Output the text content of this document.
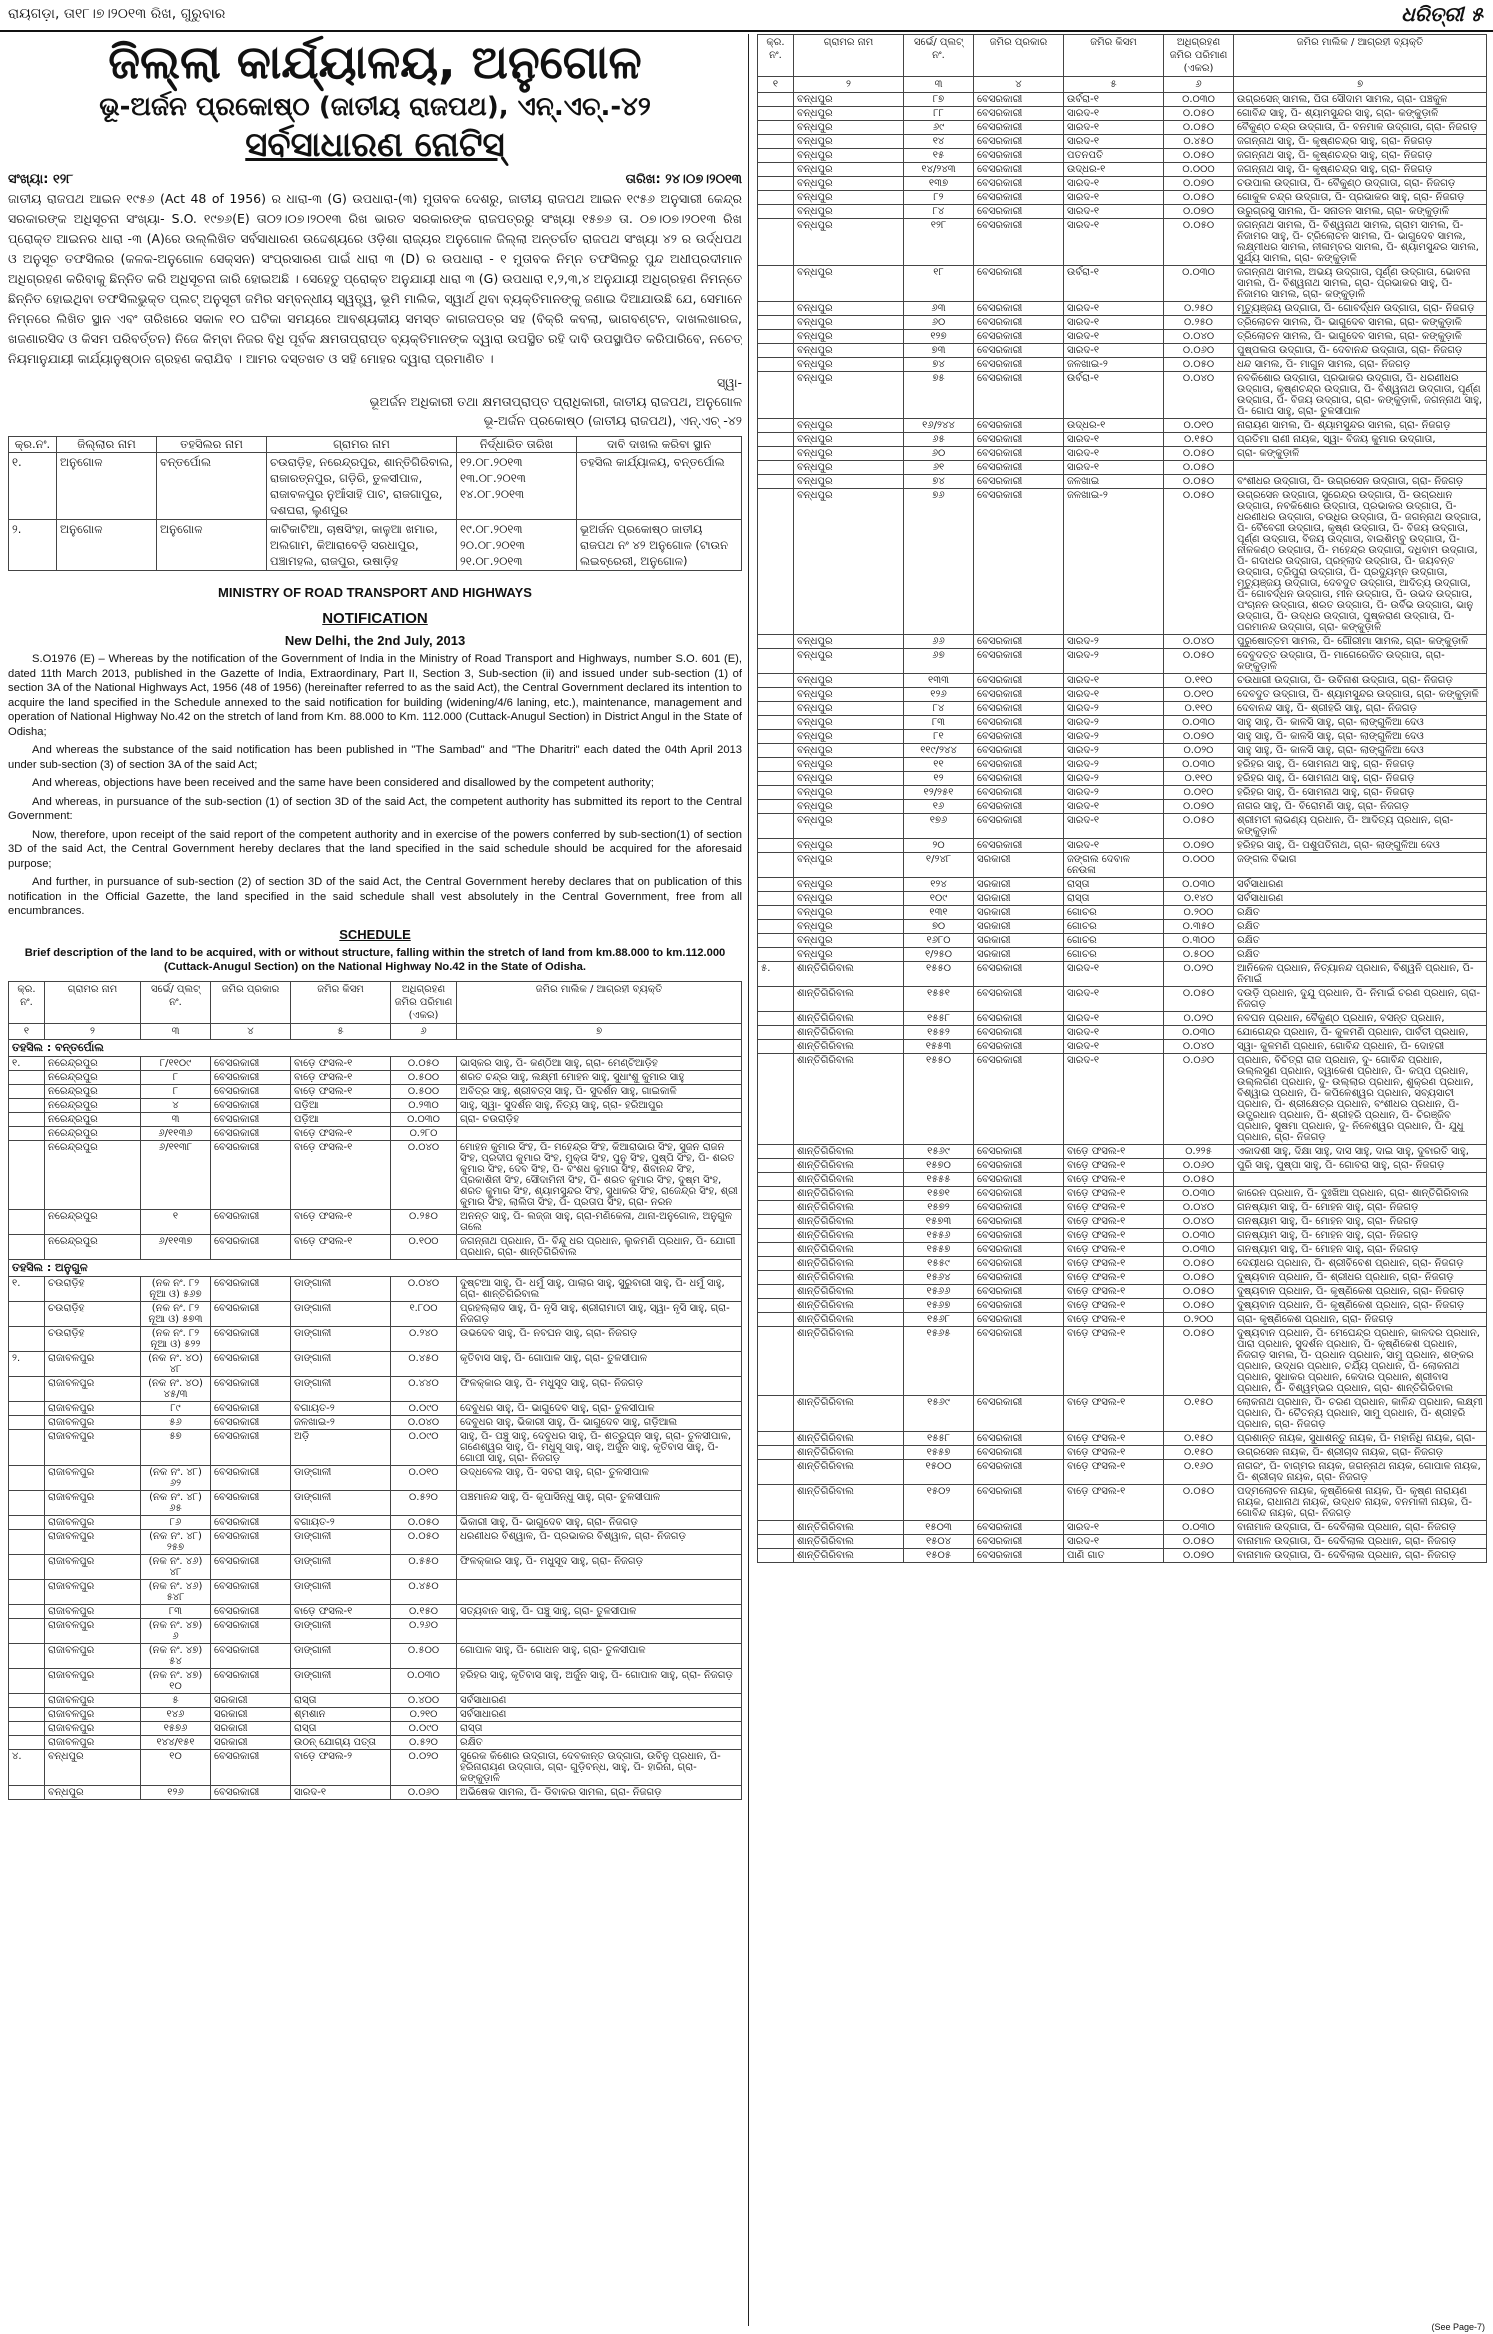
ରାୟଗଡ଼ା, ତା୧୮।୭।୨୦୧୩ ରିଖ, ଗୁରୁବାର	ଧରିତ୍ରୀ ୫
ଜିଲ୍ଲା କାର୍ଯ୍ୟାଳୟ, ଅନୁଗୋଳ
ଭୂ-ଅର୍ଜନ ପ୍ରକୋଷ୍ଠ (ଜାତୀୟ ରାଜପଥ), ଏନ୍.ଏଚ୍.-୪୨
ସର୍ବସାଧାରଣ ନୋଟିସ୍
ସଂଖ୍ୟା: ୧୨୮	ତାରିଖ: ୨୪।୦୭।୨୦୧୩
ଜାତୀୟ ରାଜପଥ ଆଇନ ୧୯୫୬ (Act 48 of 1956) ର ଧାରା-୩ (G) ଉପଧାରା-(୩) ମୁତାବକ ଦେଶରୁ, ଜାତୀୟ ରାଜପଥ ଆଇନ ୧୯୫୬ ଅନୁସାରୀ କେନ୍ଦ୍ର ସରକାରଙ୍କ ଅଧିସୂଚନା ସଂଖ୍ୟା- S.O. ୧୯୭୬(E) ତା୦୨।୦୭।୨୦୧୩ ରିଖ ଭାରତ ସରକାରଙ୍କ ରାଜପତ୍ରରୁ ସଂଖ୍ୟା ୧୫୭୬ ତା. ୦୭।୦୭।୨୦୧୩ ରିଖ ପ୍ରୋକ୍ତ ଆଇନର ଧାରା -୩ (A)ରେ ଉଲ୍ଲିଖିତ ସର୍ବସାଧାରଣ ଉଦ୍ଦେଶ୍ୟରେ ଓଡ଼ିଶା ରାଜ୍ୟର ଅନୁଗୋଳ ଜିଲ୍ଲା ଅନ୍ତର୍ଗତ ରାଜପଥ ସଂଖ୍ୟା ୪୨ ର ଉର୍ଦ୍ଧପଥ ଓ ଅନୁସୂଚ ତଫସିଲର (କଳକ-ଅନୁଗୋଳ ସେକ୍ସନ) ସଂପ୍ରସାରଣ ପାଇଁ ଧାରା ୩ (D) ର ଉପଧାରା - ୧ ମୁତାବକ ନିମ୍ନ ତଫସିଲରୁ ପୁନ୍ଦ ଅଧୀପ୍ରଦୀମାନ ଅଧିଗ୍ରହଣ କରିବାକୁ ଛିନ୍ନିତ କରି ଅଧିସୂଚନା ଜାରି ହୋଇଅଛି । ସେହେତୁ ପ୍ରୋକ୍ତ ଅନୁଯାୟୀ ଧାରା ୩ (G) ଉପଧାରା ୧,୨,୩,୪ ଅନୁଯାୟୀ ଅଧିଗ୍ରହଣ ନିମନ୍ତେ ଛିନ୍ନିତ ହୋଇଥିବା ତଫସିଲଭୁକ୍ତ ପ୍ଲଟ୍ ଅନୁସୂଚୀ ଜମିର ସମ୍ବନ୍ଧୀୟ ସ୍ୱତ୍ତ୍ୱ, ଭୂମି ମାଲିକ, ସ୍ୱାର୍ଥ ଥିବା ବ୍ୟକ୍ତିମାନଙ୍କୁ ଜଣାଇ ଦିଆଯାଉଛି ଯେ, ସେମାନେ ନିମ୍ନରେ ଲିଖିତ ସ୍ଥାନ ଏବଂ ତାରିଖରେ ସକାଳ ୧୦ ଘଟିକା ସମୟରେ ଆବଶ୍ୟକୀୟ ସମସ୍ତ କାଗଜପତ୍ର ସହ (ବିକ୍ରି କବଲା, ଭାଗବଣ୍ଟନ, ଦାଖଲଖାରଜ, ଖଜଣାରସିଦ ଓ କିସମ ପରିବର୍ତ୍ତନ) ନିଜେ କିମ୍ବା ନିଜର ବିଧି ପୂର୍ବକ କ୍ଷମତାପ୍ରାପ୍ତ ବ୍ୟକ୍ତିମାନଙ୍କ ଦ୍ୱାରା ଉପସ୍ଥିତ ରହି ଦାବି ଉପସ୍ଥାପିତ କରିପାରିବେ, ନଚେତ୍ ନିୟମାନୁଯାୟୀ କାର୍ଯ୍ୟାନୁଷ୍ଠାନ ଗ୍ରହଣ କରାଯିବ । ଆମର ଦସ୍ତଖତ ଓ ସହି ମୋହର ଦ୍ୱାରା ପ୍ରମାଣିତ ।
ସ୍ୱା-
ଭୂଅର୍ଜନ ଅଧିକାରୀ ତଥା କ୍ଷମତାପ୍ରାପ୍ତ ପ୍ରାଧିକାରୀ, ଜାତୀୟ ରାଜପଥ, ଅନୁଗୋଳ
ଭୂ-ଅର୍ଜନ ପ୍ରକୋଷ୍ଠ (ଜାତୀୟ ରାଜପଥ), ଏନ୍.ଏଚ୍ -୪୨
କ୍ର.ନଂ.	ଜିଲ୍ଲାର ନାମ	ତହସିଲର ନାମ	ଗ୍ରାମର ନାମ	ନିର୍ଦ୍ଧାରିତ ତାରିଖ	ଦାବି ଦାଖଲ କରିବା ସ୍ଥାନ
୧.	ଅନୁଗୋଳ	ବନ୍ତର୍ପୋଲ	ଚଉରାଡ଼ିହ, ନରେନ୍ଦ୍ରପୁର, ଶାନ୍ତିଗିରିବାଲ, ରାଜାରତ୍ନପୁର, ଗଡ଼ିରି, ତୁଳସୀପାଳ, ରାଜାବଳପୁର ନୁଆଁସାହି ପାଟ, ରାଜଗାପୁର, ଦଶଘରା, ଲୁଣପୁର	୧୨.୦୮.୨୦୧୩
୧୩.୦୮.୨୦୧୩
୧୪.୦୮.୨୦୧୩	ତହସିଲ କାର୍ଯ୍ୟାଳୟ, ବନ୍ତର୍ପୋଲ
୨.	ଅନୁଗୋଳ	ଅନୁଗୋଳ	କାଟିକାଟିଆ, ଚାଷସିଂହା, କାଳୁଆ ଖମାର, ଅଲଗାମ, କିଆରାବେଡ଼ି ସରଧାପୁର, ପଞ୍ଚାମହଲ, ରାଜପୁର, ଉଷାଡ଼ିହ	୧୯.୦୮.୨୦୧୩
୨୦.୦୮.୨୦୧୩
୨୧.୦୮.୨୦୧୩	ଭୂଅର୍ଜନ ପ୍ରକୋଷ୍ଠ ଜାତୀୟ ରାଜପଥ ନଂ ୪୨ ଅନୁଗୋଳ (ଟାଉନ ଲଇବ୍ରେରୀ, ଅନୁଗୋଳ)
MINISTRY OF ROAD TRANSPORT AND HIGHWAYS
NOTIFICATION
New Delhi, the 2nd July, 2013

S.O1976 (E) – Whereas by the notification of the Government of India in the Ministry of Road Transport and Highways, number S.O. 601 (E), dated 11th March 2013, published in the Gazette of India, Extraordinary, Part II, Section 3, Sub-section (ii) and issued under sub-section (1) of section 3A of the National Highways Act, 1956 (48 of 1956) (hereinafter referred to as the said Act), the Central Government declared its intention to acquire the land specified in the Schedule annexed to the said notification for building (widening/4/6 laning, etc.), maintenance, management and operation of National Highway No.42 on the stretch of land from Km. 88.000 to Km. 112.000 (Cuttack-Anugul Section) in District Angul in the State of Odisha;

And whereas the substance of the said notification has been published in "The Sambad" and "The Dharitri" each dated the 04th April 2013 under sub-section (3) of section 3A of the said Act;

And whereas, objections have been received and the same have been considered and disallowed by the competent authority;

And whereas, in pursuance of the sub-section (1) of section 3D of the said Act, the competent authority has submitted its report to the Central Government:

Now, therefore, upon receipt of the said report of the competent authority and in exercise of the powers conferred by sub-section(1) of section 3D of the said Act, the Central Government hereby declares that the land specified in the said schedule should be acquired for the aforesaid purpose;

And further, in pursuance of sub-section (2) of section 3D of the said Act, the Central Government hereby declares that on publication of this notification in the Official Gazette, the land specified in the said schedule shall vest absolutely in the Central Government, free from all encumbrances.

SCHEDULE
Brief description of the land to be acquired, with or without structure, falling within the stretch of land from km.88.000 to km.112.000 (Cuttack-Anugul Section) on the National Highway No.42 in the State of Odisha.
କ୍ର. ନଂ.	ଗ୍ରାମର ନାମ	ସର୍ଭେ/ ପ୍ଲଟ୍ ନଂ.	ଜମିର ପ୍ରକାର	ଜମିର କିସମ	ଅଧିଗ୍ରହଣ ଜମିର ପରିମାଣ (ଏକର)	ଜମିର ମାଲିକ / ଆଗ୍ରହୀ ବ୍ୟକ୍ତି
୧	୨	୩	୪	୫	୬	୭
ତହସିଲ : ବନ୍ତର୍ପୋଲ						
୧.	ନରେନ୍ଦ୍ରପୁର	୮/୧୧୦୯	ବେସରକାରୀ	ବାଡ଼େ ଫସଲ-୧	୦.୦୫୦	ଭାସ୍କର ସାହୁ, ପି- କଣ୍ଠିଆ ସାହୁ, ଗ୍ରା- ମେଣ୍ଟିଆଡ଼ିହ
	ନରେନ୍ଦ୍ରପୁର	୮	ବେସରକାରୀ	ବାଡ଼େ ଫସଲ-୧	୦.୫୦୦	ଶରତ ଚନ୍ଦ୍ର ସାହୁ, ଲକ୍ଷ୍ମୀ ମୋହନ ସାହୁ, ସୁଧାଂଶୁ କୁମାର ସାହୁ
	ନରେନ୍ଦ୍ରପୁର	୮	ବେସରକାରୀ	ବାଡ଼େ ଫସଲ-୧	୦.୫୦୦	ଅବିତ୍ର ସାହୁ, ଶ୍ରୀବତ୍ସ ସାହୁ, ପି- ସୁଦର୍ଶନ ସାହୁ, ଗାଇକାଳି
	ନରେନ୍ଦ୍ରପୁର	୪	ବେସରକାରୀ	ପଡ଼ିଆ	୦.୨୩୦	ସାହୁ, ସ୍ୱା- ସୁଦର୍ଶନ ସାହୁ, ନିତ୍ୟ ସାହୁ, ଗ୍ରା- ହରିଆପୁର
	ନରେନ୍ଦ୍ରପୁର	୩	ବେସରକାରୀ	ପଡ଼ିଆ	୦.୦୩୦	ଗ୍ରା- ଚଉରାଡ଼ିହ
	ନରେନ୍ଦ୍ରପୁର	୬/୧୧୩୬	ବେସରକାରୀ	ବାଡ଼େ ଫସଲ-୧	୦.୨୮୦	
	ନରେନ୍ଦ୍ରପୁର	୬/୧୧୩୮	ବେସରକାରୀ	ବାଡ଼େ ଫସଲ-୧	୦.୦୪୦	ମୋହନ କୁମାର ସିଂହ, ପି- ମହେନ୍ଦ୍ର ସିଂହ, କିଆରାଭାର ସିଂହ, ସୁଜନ ରାଜନ ସିଂହ, ପ୍ରଦୀପ କୁମାର ସିଂହ, ମୁକ୍ତା ସିଂହ, ପୁନୁ ସିଂହ, ପୁଷ୍ପି ସିଂହ, ପି- ଶରତ କୁମାର ସିଂହ, ଦେବ ସିଂହ, ପି- ବଂଶଧ କୁମାର ସିଂହ, ଶିବାନନ୍ଦ ସିଂହ, ପ୍ରକାଶିନୀ ସିଂହ, ସୌଦାମିନୀ ସିଂହ, ପି- ଶରତ କୁମାର ସିଂହ, ଦୁଷ୍ମ ସିଂହ, ଶରତ କୁମାର ସିଂହ, ଶ୍ୟାମସୁନ୍ଦର ସିଂହ, ସୁଧାକର ସିଂହ, ରାଜେନ୍ଦ୍ର ସିଂହ, ଶ୍ରୀ କୁମାର ସିଂହ, ଲାଲିତା ସିଂହ, ପି- ପ୍ରତାପ ସିଂହ, ଗ୍ରା- ନରନ
	ନରେନ୍ଦ୍ରପୁର	୧	ବେସରକାରୀ	ବାଡ଼େ ଫସଲ-୧	୦.୨୫୦	ଅନନ୍ତ ସାହୁ, ପି- ଲଜ୍ଜା ସାହୁ, ଗ୍ରା-ମଣିକେଳା, ଥାନା-ଅନୁଗୋଳ, ଅନୁଗୁଳ ତାଲେ
	ନରେନ୍ଦ୍ରପୁର	୬/୧୧୩୭	ବେସରକାରୀ	ବାଡ଼େ ଫସଲ-୧	୦.୧୦୦	ଜଗନ୍ନାଥ ପ୍ରଧାନ, ପି- ବିନ୍ଦୁ ଧର ପ୍ରଧାନ, ଲୁକମଣି ପ୍ରଧାନ, ପି- ଯୋଗୀ ପ୍ରଧାନ, ଗ୍ରା- ଶାନ୍ତିଗିରିବାଲ
ତହସିଲ : ଅନୁଗୁଳ						
୧.	ଚଉରାଡ଼ିହ	(ନକ ନଂ. ୮୨ ନୂଆ ଓ) ୫୬୭	ବେସରକାରୀ	ଡାଙ୍ଗାଳୀ	୦.୦୪୦	ଦୁଷ୍ଟଆ ସାହୁ, ପି- ଧର୍ମୁ ସାହୁ, ପାଲାର ସାହୁ, ସୁରୁବାରୀ ସାହୁ, ପି- ଧର୍ମୁ ସାହୁ, ଗ୍ରା- ଶାନ୍ତିଗିରିବାଲ
	ଚଉରାଡ଼ିହ	(ନକ ନଂ. ୮୨ ନୂଆ ଓ) ୫୭୩	ବେସରକାରୀ	ଡାଙ୍ଗାଳୀ	୧.୮୦୦	ପ୍ରହଲ୍ଲାଦ ସାହୁ, ପି- ନୃସି ସାହୁ, ଶ୍ରୀରାମାତୀ ସାହୁ, ସ୍ୱା- ନୃସି ସାହୁ, ଗ୍ରା- ନିଜଗଡ଼
	ଚଉରାଡ଼ିହ	(ନକ ନଂ. ୮୨ ନୂଆ ଓ) ୫୨୨	ବେସରକାରୀ	ଡାଙ୍ଗାଳୀ	୦.୨୪୦	ଉଭଦେବ ସାହୁ, ପି- ନବଘନ ସାହୁ, ଗ୍ରା- ନିଜଗଡ଼
୨.	ରାଜାବଳପୁର	(ନକ ନଂ. ୪୦) ୪୮	ବେସରକାରୀ	ଡାଙ୍ଗାଳୀ	୦.୪୫୦	କୃତିବାସ ସାହୁ, ପି- ଗୋପାଳ ସାହୁ, ଗ୍ରା- ତୁଳସୀପାଳ
	ରାଜାବଳପୁର	(ନକ ନଂ. ୪୦) ୪୫/୩	ବେସରକାରୀ	ଡାଙ୍ଗାଳୀ	୦.୪୪୦	ଫିଳକ୍କାର ସାହୁ, ପି- ମଧୁସୂଦ ସାହୁ, ଗ୍ରା- ନିଜଗଡ଼
	ରାଜାବଳପୁର	୮୯	ବେସରକାରୀ	ବଗାୟତ-୨	୦.୦୯୦	ଦେବୁଧର ସାହୁ, ପି- ଭାଗୁଦେବ ସାହୁ, ଗ୍ରା- ତୁଳସୀପାଳ
	ରାଜାବଳପୁର	୫୬	ବେସରକାରୀ	ଜଳଖାଇ-୨	୦.୦୪୦	ଦେବୁଧର ସାହୁ, ଭିକାରୀ ସାହୁ, ପି- ଭାଗୁଦେବ ସାହୁ, ଗଡ଼ିଆଲ
	ରାଜାବଳପୁର	୫୭	ବେସରକାରୀ	ଅଡ଼ି	୦.୦୯୦	ସାହୁ, ପି- ପଞ୍ଚୁ ସାହୁ, ଦେବୁଧର ସାହୁ, ପି- ଶତ୍ରୁଘ୍ନ ସାହୁ, ଗ୍ରା- ତୁଳସୀପାଳ, ଗଣେଶ୍ୱର ସାହୁ, ପି- ମଧୁସୂ ସାହୁ, ସାହୁ, ଅର୍ଜୁନ ସାହୁ, କୃତିବାସ ସାହୁ, ପି- ଗୋପୀ ସାହୁ, ଗ୍ରା- ନିଜଗଡ଼
	ରାଜାବଳପୁର	(ନକ ନଂ. ୪୮) ୬୨	ବେସରକାରୀ	ଡାଙ୍ଗାଳୀ	୦.୦୧୦	ଉଦ୍ଧବେଲ ସାହୁ, ପି- ସବରା ସାହୁ, ଗ୍ରା- ତୁଳସୀପାଳ
	ରାଜାବଳପୁର	(ନକ ନଂ. ୪୮) ୬୫	ବେସରକାରୀ	ଡାଙ୍ଗାଳୀ	୦.୫୨୦	ପଞ୍ଚମାନନ୍ଦ ସାହୁ, ପି- କୃପାସିନ୍ଧୁ ସାହୁ, ଗ୍ରା- ତୁଳସୀପାଳ
	ରାଜାବଳପୁର	୮୬	ବେସରକାରୀ	ବଗାୟତ-୨	୦.୦୫୦	ଭିକାରୀ ସାହୁ, ପି- ଭାଗୁଦେବ ସାହୁ, ଗ୍ରା- ନିଜଗଡ଼
	ରାଜାବଳପୁର	(ନକ ନଂ. ୪୮) ୨୫୭	ବେସରକାରୀ	ଡାଙ୍ଗାଳୀ	୦.୦୫୦	ଧରଣୀଧର ବିଶ୍ୱାଳ, ପି- ପ୍ରଭାକର ବିଶ୍ୱାଳ, ଗ୍ରା- ନିଜଗଡ଼
	ରାଜାବଳପୁର	(ନକ ନଂ. ୪୬) ୪୮	ବେସରକାରୀ	ଡାଙ୍ଗାଳୀ	୦.୫୫୦	ଫିଳକ୍କାର ସାହୁ, ପି- ମଧୁସୂଦ ସାହୁ, ଗ୍ରା- ନିଜଗଡ଼
	ରାଜାବଳପୁର	(ନକ ନଂ. ୪୬) ୫୪୮	ବେସରକାରୀ	ଡାଙ୍ଗାଳୀ	୦.୪୫୦	
	ରାଜାବଳପୁର	୮୩	ବେସରକାରୀ	ବାଡ଼େ ଫସଲ-୧	୦.୧୫୦	ସତ୍ୟବାନ ସାହୁ, ପି- ପଞ୍ଚୁ ସାହୁ, ଗ୍ରା- ତୁଳସୀପାଳ
	ରାଜାବଳପୁର	(ନକ ନଂ. ୪୭) ୬	ବେସରକାରୀ	ଡାଙ୍ଗାଳୀ	୦.୨୬୦	
	ରାଜାବଳପୁର	(ନକ ନଂ. ୪୭) ୫୪	ବେସରକାରୀ	ଡାଙ୍ଗାଳୀ	୦.୫୦୦	ଗୋପାଳ ସାହୁ, ପି- ଗୋଧନ ସାହୁ, ଗ୍ରା- ତୁଳସୀପାଳ
	ରାଜାବଳପୁର	(ନକ ନଂ. ୪୭) ୧୦	ବେସରକାରୀ	ଡାଙ୍ଗାଳୀ	୦.୦୩୦	ହରିହର ସାହୁ, କୃତିବାସ ସାହୁ, ଅର୍ଜୁନ ସାହୁ, ପି- ଗୋପାଳ ସାହୁ, ଗ୍ରା- ନିଜଗଡ଼
	ରାଜାବଳପୁର	୫	ସରକାରୀ	ରାସ୍ତା	୦.୪୦୦	ସର୍ବସାଧାରଣ
	ରାଜାବଳପୁର	୧୪୬	ସରକାରୀ	ଶ୍ମଶାନ	୦.୨୧୦	ସର୍ବସାଧାରଣ
	ରାଜାବଳପୁର	୧୫୭୬	ସରକାରୀ	ରାସ୍ତା	୦.୦୯୦	ରାସ୍ତା
	ରାଜାବଳପୁର	୧୪୪/୧୫୧	ସରକାରୀ	ଉଠନ୍ ଯୋଗ୍ୟ ପତ୍ତା	୦.୫୨୦	ରକ୍ଷିତ
୪.	ବନ୍ଧପୁର	୧୦	ବେସରକାରୀ	ବାଡ଼େ ଫସଲ-୨	୦.୦୨୦	ସୁରେକ କିଶୋର ଉଦ୍ଗାତା, ଦେବକାନ୍ତ ଉଦ୍ଗାତା, ଉବିନୁ ପ୍ରଧାନ, ପି- ହରିନାରାୟଣ ଉଦ୍ଗାତା, ଗ୍ରା- ଗୁଡ଼ିବନ୍ଧ, ସାହୁ, ପି- ହାରିନା, ଗ୍ରା- କଙ୍କୁଡ଼ାଳି
	ବନ୍ଧପୁର	୧୨୬	ବେସରକାରୀ	ସାରଦ-୧	୦.୦୬୦	ଅଭିଷେକ ସାମଲ, ପି- ଡିବାକର ସାମଲ, ଗ୍ରା- ନିଜଗଡ଼
କ୍ର. ନଂ.	ଗ୍ରାମର ନାମ	ସର୍ଭେ/ ପ୍ଲଟ୍ ନଂ.	ଜମିର ପ୍ରକାର	ଜମିର କିସମ	ଅଧିଗ୍ରହଣ ଜମିର ପରିମାଣ (ଏକର)	ଜମିର ମାଲିକ / ଆଗ୍ରହୀ ବ୍ୟକ୍ତି
୧	୨	୩	୪	୫	୬	୭
	ବନ୍ଧପୁର	୮୭	ବେସରକାରୀ	ଉର୍ବରା-୧	୦.୦୩୦	ଉଗ୍ରସେନ୍ ସାମଲ, ପିତା ସୌଦାମ ସାମଲ, ଗ୍ରା- ପଞ୍ଚକୁଳ
	ବନ୍ଧପୁର	୮୮	ବେସରକାରୀ	ସାରଦ-୧	୦.୦୫୦	ଗୋବିନ୍ଦ ସାହୁ, ପି- ଶ୍ୟାମସୁନ୍ଦର ସାହୁ, ଗ୍ରା- କଙ୍କୁଡ଼ାଳି
	ବନ୍ଧପୁର	୬୯	ବେସରକାରୀ	ସାରଦ-୧	୦.୦୫୦	ବୈକୁଣ୍ଠ ଚନ୍ଦ୍ର ଉଦ୍ଗାତା, ପି- ବନମାଳ ଉଦ୍ଗାତା, ଗ୍ରା- ନିଜଗଡ଼
	ବନ୍ଧପୁର	୧୪	ବେସରକାରୀ	ସାରଦ-୧	୦.୪୫୦	ଜଗନ୍ନାଥ ସାହୁ, ପି- କୃଷ୍ଣଚନ୍ଦ୍ର ସାହୁ, ଗ୍ରା- ନିଜଗଡ଼
	ବନ୍ଧପୁର	୧୫	ବେସରକାରୀ	ପତନପତି	୦.୦୫୦	ଜଗନ୍ନାଥ ସାହୁ, ପି- କୃଷ୍ଣଚନ୍ଦ୍ର ସାହୁ, ଗ୍ରା- ନିଜଗଡ଼
	ବନ୍ଧପୁର	୧୪/୨୪୩	ବେସରକାରୀ	ଉଦ୍ଧର-୧	୦.୦୦୦	ଜଗନ୍ନାଥ ସାହୁ, ପି- କୃଷ୍ଣଚନ୍ଦ୍ର ସାହୁ, ଗ୍ରା- ନିଜଗଡ଼
	ବନ୍ଧପୁର	୧୩୭	ବେସରକାରୀ	ସାରଦ-୧	୦.୦୭୦	ଚଉପାଲ ଉଦ୍ଗାତା, ପି- ବୈକୁଣ୍ଠ ଉଦ୍ଗାତା, ଗ୍ରା- ନିଜଗଡ଼
	ବନ୍ଧପୁର	୮୨	ବେସରକାରୀ	ସାରଦ-୧	୦.୦୫୦	ଗୋକୁଳ ଚନ୍ଦ୍ର ଉଦ୍ଗାତା, ପି- ପ୍ରଭାକର ସାହୁ, ଗ୍ରା- ନିଜଗଡ଼
	ବନ୍ଧପୁର	୮୪	ବେସରକାରୀ	ସାରଦ-୧	୦.୦୭୦	ଉରୁଗ୍ରସୁ ସାମଲ, ପି- ସନାତନ ସାମଲ, ଗ୍ରା- କଙ୍କୁଡ଼ାଳି
	ବନ୍ଧପୁର	୧୨୮	ବେସରକାରୀ	ସାରଦ-୧	୦.୦୫୦	ଜଗନ୍ନାଥ ସାମଲ, ପି- ବିଶ୍ୱନାଥ ସାମଲ, ଗ୍ରାମ ସାମଲ, ପି- ନିଜାମର ସାହୁ, ପି- ଟ୍ରିଲୋଚନ ସାମଲ, ପି- ଭାଗୁଦେବ ସାମଲ, ଲକ୍ଷ୍ମୀଧର ସାମଲ, ନୀଳାମ୍ବର ସାମଲ, ପି- ଶ୍ୟାମସୁନ୍ଦର ସାମଲ, ସୁର୍ଯ୍ୟ ସାମଲ, ଗ୍ରା- କଙ୍କୁଡ଼ାଳି
	ବନ୍ଧପୁର	୧୮	ବେସରକାରୀ	ଉର୍ବରା-୧	୦.୦୩୦	ଜଗନ୍ନାଥ ସାମଲ, ଅଭୟ ଉଦ୍ଗାତା, ପୂର୍ଣ୍ଣ ଉଦ୍ଗାତା, ଭୋବନା ସାମଲ, ପି- ବିଶ୍ୱନାଥ ସାମଲ, ଗ୍ରା- ପ୍ରଭାକର ସାହୁ, ପି- ନିଜାମର ସାମଲ, ଗ୍ରା- କଙ୍କୁଡ଼ାଳି
	ବନ୍ଧପୁର	୬୩	ବେସରକାରୀ	ସାରଦ-୧	୦.୨୫୦	ମୃତ୍ୟୁଞ୍ଜୟ ଉଦ୍ଗାତା, ପି- ଗୋବର୍ଦ୍ଧନ ଉଦ୍ଗାତା, ଗ୍ରା- ନିଜଗଡ଼
	ବନ୍ଧପୁର	୬୦	ବେସରକାରୀ	ସାରଦ-୧	୦.୨୫୦	ତ୍ରିଲୋଚନ ସାମଲ, ପି- ଭାଗୁଦେବ ସାମଲ, ଗ୍ରା- କଙ୍କୁଡ଼ାଳି
	ବନ୍ଧପୁର	୧୨୭	ବେସରକାରୀ	ସାରଦ-୧	୦.୦୪୦	ତ୍ରିଲୋଚନ ସାମଲ, ପି- ଭାଗୁଦେବ ସାମଲ, ଗ୍ରା- କଙ୍କୁଡ଼ାଳି
	ବନ୍ଧପୁର	୭୩	ବେସରକାରୀ	ସାରଦ-୧	୦.୦୬୦	ପୁଷ୍ପଲତା ଉଦ୍ଗାତା, ପି- ଦେବାନନ୍ଦ ଉଦ୍ଗାତା, ଗ୍ରା- ନିଜଗଡ଼
	ବନ୍ଧପୁର	୭୪	ବେସରକାରୀ	ଜଳଖାଇ-୨	୦.୦୫୦	ଧନ୍ଦ ସାମଲ, ପି- ମାଗୁନ ସାମଲ, ଗ୍ରା- ନିଜଗଡ଼
	ବନ୍ଧପୁର	୭୫	ବେସରକାରୀ	ଉର୍ବରା-୧	୦.୦୪୦	ନବକିଶୋର ଉଦ୍ଗାତା, ପ୍ରଭାକର ଉଦ୍ଗାତା, ପି- ଧରଣୀଧର ଉଦ୍ଗାତା, କୃଷ୍ଣଚନ୍ଦ୍ର ଉଦ୍ଗାତା, ପି- ବିଶ୍ୱନାଥ ଉଦ୍ଗାତା, ପୂର୍ଣ୍ଣ ଉଦ୍ଗାତା, ପି- ବିଜୟ ଉଦ୍ଗାତା, ଗ୍ରା- କଙ୍କୁଡ଼ାଳି, ଜଗନ୍ନାଥ ସାହୁ, ପି- ଗୋପ ସାହୁ, ଗ୍ରା- ତୁଳସୀପାଳ
	ବନ୍ଧପୁର	୧୬/୨୪୪	ବେସରକାରୀ	ଉଦ୍ଧର-୧	୦.୦୧୦	ନାରାୟଣ ସାମଲ, ପି- ଶ୍ୟାମସୁନ୍ଦର ସାମଲ, ଗ୍ରା- ନିଜଗଡ଼
	ବନ୍ଧପୁର	୬୫	ବେସରକାରୀ	ସାରଦ-୧	୦.୧୫୦	ପ୍ରତିମା ରାଣୀ ନାୟକ, ସ୍ୱା- ବିଜୟ କୁମାର ଉଦ୍ଗାତା,
	ବନ୍ଧପୁର	୬୦	ବେସରକାରୀ	ସାରଦ-୧	୦.୦୫୦	ଗ୍ରା- କଙ୍କୁଡ଼ାଳି
	ବନ୍ଧପୁର	୬୧	ବେସରକାରୀ	ସାରଦ-୧	୦.୦୫୦	
	ବନ୍ଧପୁର	୭୪	ବେସରକାରୀ	ଜଳଖାଇ	୦.୦୫୦	ବଂଶୀଧର ଉଦ୍ଗାତା, ପି- ଉଗ୍ରସେନ ଉଦ୍ଗାତା, ଗ୍ରା- ନିଜଗଡ଼
	ବନ୍ଧପୁର	୭୬	ବେସରକାରୀ	ଜଳଖାଇ-୨	୦.୦୫୦	ଉଗ୍ରସେନ ଉଦ୍ଗାତା, ସୁରେନ୍ଦ୍ର ଉଦ୍ଗାତା, ପି- ଉଗ୍ରଧାନ ଉଦ୍ଗାତା, ନବକିଶୋର ଉଦ୍ଗାତା, ପ୍ରଭାକର ଉଦ୍ଗାତା, ପି- ଧରଣୀଧର ଉଦ୍ଗାତା, ଚଉଧିର ଉଦ୍ଗାତା, ପି- ଜଗନ୍ନାଥ ଉଦ୍ଗାତା, ପି- ବୈବେଗୀ ଉଦ୍ଗାତା, କୃଷ୍ଣ ଉଦ୍ଗାତା, ପି- ବିଜୟ ଉଦ୍ଗାତା, ପୂର୍ଣ୍ଣ ଉଦ୍ଗାତା, ବିଜୟ ଉଦ୍ଗାତା, ବାଇଶିମ୍ବୁ ଉଦ୍ଗାତା, ପି- ନୀଳକଣ୍ଠ ଉଦ୍ଗାତା, ପି- ମହେନ୍ଦ୍ର ଉଦ୍ଗାତା, ଦଧିବାମ ଉଦ୍ଗାତା, ପି- ଗଦାଧର ଉଦ୍ଗାତା, ପ୍ରହ୍ଲାଦ ଉଦ୍ଗାତା, ପି- ଜୟବନ୍ତ ଉଦ୍ଗାତା, ତ୍ରିପୁରା ଉଦ୍ଗାତା, ପି- ପ୍ରଦ୍ୟୁମ୍ନ ଉଦ୍ଗାତା, ମୃତ୍ୟୁଞ୍ଜୟ ଉଦ୍ଗାତା, ଦେବଦୁତ ଉଦ୍ଗାତା, ଆଦିତ୍ୟ ଉଦ୍ଗାତା, ପି- ଗୋବର୍ଦ୍ଧନ ଉଦ୍ଗାତା, ମୀନ ଉଦ୍ଗାତା, ପି- ଉଭଦ ଉଦ୍ଗାତା, ପଂଚାନନ ଉଦ୍ଗାତା, ଶରତ ଉଦ୍ଗାତା, ପି- ଉର୍ବିଭ ଉଦ୍ଗାତା, ଭାନୁ ଉଦ୍ଗାତା, ପି- ଉଦ୍ଧର ଉଦ୍ଗାତା, ପୁଷ୍କରାଣ ଉଦ୍ଗାତା, ପି- ପରମାନନ୍ଦ ଉଦ୍ଗାତା, ଗ୍ରା- କଙ୍କୁଡ଼ାଳି
	ବନ୍ଧପୁର	୬୬	ବେସରକାରୀ	ସାରଦ-୨	୦.୦୪୦	ପୁରୁଷୋତ୍ତମ ସାମଲ, ପି- ଗୌରୀମା ସାମଲ, ଗ୍ରା- କଙ୍କୁଡ଼ାଳି
	ବନ୍ଧପୁର	୬୭	ବେସରକାରୀ	ସାରଦ-୨	୦.୦୫୦	ଦେବୁଦତ୍ତ ଉଦ୍ଗାତା, ପି- ମାଗେରେଜିତ ଉଦ୍ଗାତା, ଗ୍ରା- କଙ୍କୁଡ଼ାଳି
	ବନ୍ଧପୁର	୧୩୩	ବେସରକାରୀ	ସାରଦ-୧	୦.୧୧୦	ଚଉଧାରୀ ଉଦ୍ଗାତା, ପି- ଉବିନାଶ ଉଦ୍ଗାତା, ଗ୍ରା- ନିଜଗଡ଼
	ବନ୍ଧପୁର	୧୨୬	ବେସରକାରୀ	ସାରଦ-୧	୦.୦୧୦	ଦେବଦୁତ ଉଦ୍ଗାତା, ପି- ଶ୍ୟାମସୁନ୍ଦର ଉଦ୍ଗାତା, ଗ୍ରା- କଙ୍କୁଡ଼ାଳି
	ବନ୍ଧପୁର	୮୪	ବେସରକାରୀ	ସାରଦ-୨	୦.୧୧୦	ଦେବାନନ୍ଦ ସାହୁ, ପି- ଶ୍ରୀହରି ସାହୁ, ଗ୍ରା- ନିଜଗଡ଼
	ବନ୍ଧପୁର	୮୩	ବେସରକାରୀ	ସାରଦ-୨	୦.୦୩୦	ସାହୁ ସାହୁ, ପି- କାଳସି ସାହୁ, ଗ୍ରା- ଲାଙ୍ଗୁଳିଆ ଦେଓ
	ବନ୍ଧପୁର	୮୧	ବେସରକାରୀ	ସାରଦ-୨	୦.୦୭୦	ସାହୁ ସାହୁ, ପି- କାଳସି ସାହୁ, ଗ୍ରା- ଲାଙ୍ଗୁଳିଆ ଦେଓ
	ବନ୍ଧପୁର	୧୧୯/୨୪୪	ବେସରକାରୀ	ସାରଦ-୨	୦.୦୨୦	ସାହୁ ସାହୁ, ପି- କାଳସି ସାହୁ, ଗ୍ରା- ଲାଙ୍ଗୁଳିଆ ଦେଓ
	ବନ୍ଧପୁର	୧୧	ବେସରକାରୀ	ସାରଦ-୨	୦.୦୩୦	ହରିହର ସାହୁ, ପି- ସୋମନାଥ ସାହୁ, ଗ୍ରା- ନିଜଗଡ଼
	ବନ୍ଧପୁର	୧୨	ବେସରକାରୀ	ସାରଦ-୨	୦.୧୧୦	ହରିହର ସାହୁ, ପି- ସୋମନାଥ ସାହୁ, ଗ୍ରା- ନିଜଗଡ଼
	ବନ୍ଧପୁର	୧୨/୨୫୧	ବେସରକାରୀ	ସାରଦ-୨	୦.୦୧୦	ହରିହର ସାହୁ, ପି- ସୋମନାଥ ସାହୁ, ଗ୍ରା- ନିଜଗଡ଼
	ବନ୍ଧପୁର	୧୬	ବେସରକାରୀ	ସାରଦ-୧	୦.୦୭୦	ନାଗର ସାହୁ, ପି- ବିରୋମଣି ସାହୁ, ଗ୍ରା- ନିଜଗଡ଼
	ବନ୍ଧପୁର	୧୭୬	ବେସରକାରୀ	ସାରଦ-୧	୦.୦୫୦	ଶ୍ରୀମତୀ ଲାଭଣ୍ୟ ପ୍ରଧାନ, ପି- ଆଦିତ୍ୟ ପ୍ରଧାନ, ଗ୍ରା- କଙ୍କୁଡ଼ାଳି
	ବନ୍ଧପୁର	୨୦	ବେସରକାରୀ	ସାରଦ-୧	୦.୦୭୦	ହରିହର ସାହୁ, ପି- ପଶୁପତିନାଥ, ଗ୍ରା- ଲାଙ୍ଗୁଳିଆ ଦେଓ
	ବନ୍ଧପୁର	୧/୨୪୮	ସରକାରୀ	ଜଙ୍ଗଲ ଦେବାଳ ନେଉଳା	୦.୦୦୦	ଜଙ୍ଗଲ ବିଭାଗ
	ବନ୍ଧପୁର	୧୨୪	ସରକାରୀ	ରାସ୍ତା	୦.୦୩୦	ସର୍ବସାଧାରଣ
	ବନ୍ଧପୁର	୧୦୯	ସରକାରୀ	ରାସ୍ତା	୦.୧୪୦	ସର୍ବସାଧାରଣ
	ବନ୍ଧପୁର	୧୩୧	ସରକାରୀ	ଗୋଚର	୦.୨୦୦	ରକ୍ଷିତ
	ବନ୍ଧପୁର	୭୦	ସରକାରୀ	ଗୋଚର	୦.୩୫୦	ରକ୍ଷିତ
	ବନ୍ଧପୁର	୧୬୮୦	ସରକାରୀ	ଗୋଚର	୦.୩୦୦	ରକ୍ଷିତ
	ବନ୍ଧପୁର	୧/୨୫୦	ସରକାରୀ	ଗୋଚର	୦.୫୦୦	ରକ୍ଷିତ
୫.	ଶାନ୍ତିଗିରିବାଲ	୧୫୫୦	ବେସରକାରୀ	ସାରଦ-୧	୦.୦୨୦	ଆନିକେଳ ପ୍ରଧାନ, ନିତ୍ୟାନନ୍ଦ ପ୍ରଧାନ, ବିଶ୍ୱନି ପ୍ରଧାନ, ପି- ନିମାଇଁ
	ଶାନ୍ତିଗିରିବାଲ	୧୫୫୧	ବେସରକାରୀ	ସାରଦ-୧	୦.୦୫୦	ଦଉଡ଼ି ପ୍ରଧାନ, ଦୁଯୁ ପ୍ରଧାନ, ପି- ନିମାଇଁ ଚରଣ ପ୍ରଧାନ, ଗ୍ରା- ନିଜଗଡ଼
	ଶାନ୍ତିଗିରିବାଲ	୧୫୫୮	ବେସରକାରୀ	ସାରଦ-୧	୦.୦୨୦	ନବଘନ ପ୍ରଧାନ, ବୈକୁଣ୍ଠ ପ୍ରଧାନ, ବସନ୍ତ ପ୍ରଧାନ,
	ଶାନ୍ତିଗିରିବାଲ	୧୫୫୨	ବେସରକାରୀ	ସାରଦ-୧	୦.୦୩୦	ଯୋଗେନ୍ଦ୍ର ପ୍ରଧାନ, ପି- କୁଳମଣି ପ୍ରଧାନ, ପାର୍ବତୀ ପ୍ରଧାନ,
	ଶାନ୍ତିଗିରିବାଲ	୧୫୫୩	ବେସରକାରୀ	ସାରଦ-୧	୦.୦୪୦	ସ୍ୱା- କୁଳମଣି ପ୍ରଧାନ, ଗୋବିନ୍ଦ ପ୍ରଧାନ, ପି- ଦୋହରୀ
	ଶାନ୍ତିଗିରିବାଲ	୧୫୫୦	ବେସରକାରୀ	ସାରଦ-୧	୦.୦୬୦	ପ୍ରଧାନ, ବିଚିତ୍ରା ରାଜ ପ୍ରଧାନ, ଦୁ- ଗୋବିନ୍ଦ ପ୍ରଧାନ, ଉଲ୍ଲସୁଣ ପ୍ରଧାନ, ଦ୍ୱାକେଶ ପ୍ରଧାନ, ପି- କପ୍ପ ପ୍ରଧାନ, ଉଲ୍ଲଗଣ ପ୍ରଧାନ, ଦୁ- ଉଲ୍ଲାର ପ୍ରଧାନ, ଶୁକ୍ରଣ ପ୍ରଧାନ, ବିଶ୍ୱାଇ ପ୍ରଧାନ, ପି- କପିଳେଶ୍ୱର ପ୍ରଧାନ, ସବ୍ୟସାଚୀ ପ୍ରଧାନ, ପି- ଶ୍ରୀକ୍ଷେତ୍ର ପ୍ରଧାନ, ବଂଶୀଧର ପ୍ରଧାନ, ପି- ଉତ୍ପ୍ରଧାନ ପ୍ରଧାନ, ପି- ଶ୍ରୀହରି ପ୍ରଧାନ, ପି- ଚିରଞ୍ଜିବ ପ୍ରଧାନ, ସୁଷମା ପ୍ରଧାନ, ଦୁ- ନିଳେଶ୍ୱର ପ୍ରଧାନ, ପି- ଯୁଧୁ ପ୍ରଧାନ, ଗ୍ରା- ନିଜଗଡ଼
	ଶାନ୍ତିଗିରିବାଲ	୧୫୬୯	ବେସରକାରୀ	ବାଡ଼େ ଫସଲ-୧	୦.୨୨୫	ଏକାଦଶୀ ସାହୁ, ଦିକ୍ଷା ସାହୁ, ଦାସ ସାହୁ, ଦାଇ ସାହୁ, ଦୁବାରତି ସାହୁ,
	ଶାନ୍ତିଗିରିବାଲ	୧୫୭୦	ବେସରକାରୀ	ବାଡ଼େ ଫସଲ-୧	୦.୦୬୦	ପୁରି ସାହୁ, ପୁଷ୍ପା ସାହୁ, ପି- ଗୋବରା ସାହୁ, ଗ୍ରା- ନିଜଗଡ଼
	ଶାନ୍ତିଗିରିବାଲ	୧୫୫୫	ବେସରକାରୀ	ବାଡ଼େ ଫସଲ-୧	୦.୦୫୦	
	ଶାନ୍ତିଗିରିବାଲ	୧୫୭୧	ବେସରକାରୀ	ବାଡ଼େ ଫସଲ-୧	୦.୦୩୦	କାରେନ ପ୍ରଧାନ, ପି- ଦୁଃଖିଆ ପ୍ରଧାନ, ଗ୍ରା- ଶାନ୍ତିଗିରିବାଲ
	ଶାନ୍ତିଗିରିବାଲ	୧୫୭୨	ବେସରକାରୀ	ବାଡ଼େ ଫସଲ-୧	୦.୦୪୦	ଗନଷ୍ୟାମ ସାହୁ, ପି- ମୋହନ ସାହୁ, ଗ୍ରା- ନିଜଗଡ଼
	ଶାନ୍ତିଗିରିବାଲ	୧୫୭୩	ବେସରକାରୀ	ବାଡ଼େ ଫସଲ-୧	୦.୦୪୦	ଗନଷ୍ୟାମ ସାହୁ, ପି- ମୋହନ ସାହୁ, ଗ୍ରା- ନିଜଗଡ଼
	ଶାନ୍ତିଗିରିବାଲ	୧୫୫୬	ବେସରକାରୀ	ବାଡ଼େ ଫସଲ-୧	୦.୦୩୦	ଗନଷ୍ୟାମ ସାହୁ, ପି- ମୋହନ ସାହୁ, ଗ୍ରା- ନିଜଗଡ଼
	ଶାନ୍ତିଗିରିବାଲ	୧୫୫୭	ବେସରକାରୀ	ବାଡ଼େ ଫସଲ-୧	୦.୦୩୦	ଗନଷ୍ୟାମ ସାହୁ, ପି- ମୋହନ ସାହୁ, ଗ୍ରା- ନିଜଗଡ଼
	ଶାନ୍ତିଗିରିବାଲ	୧୫୫୯	ବେସରକାରୀ	ବାଡ଼େ ଫସଲ-୧	୦.୦୫୦	ଦେୟୀଧର ପ୍ରଧାନ, ପି- ଶ୍ରୀବିବେଶ ପ୍ରଧାନ, ଗ୍ରା- ନିଜଗଡ଼
	ଶାନ୍ତିଗିରିବାଲ	୧୫୬୪	ବେସରକାରୀ	ବାଡ଼େ ଫସଲ-୧	୦.୦୫୦	ଦୁଷ୍ୟବାନ ପ୍ରଧାନ, ପି- ଶ୍ରୀଧର ପ୍ରଧାନ, ଗ୍ରା- ନିଜଗଡ଼
	ଶାନ୍ତିଗିରିବାଲ	୧୫୬୬	ବେସରକାରୀ	ବାଡ଼େ ଫସଲ-୧	୦.୦୫୦	ଦୁଷ୍ୟବାନ ପ୍ରଧାନ, ପି- କୃଷ୍ଣିକେଶ ପ୍ରଧାନ, ଗ୍ରା- ନିଜଗଡ଼
	ଶାନ୍ତିଗିରିବାଲ	୧୫୬୭	ବେସରକାରୀ	ବାଡ଼େ ଫସଲ-୧	୦.୦୫୦	ଦୁଷ୍ୟବାନ ପ୍ରଧାନ, ପି- କୃଷ୍ଣିକେଶ ପ୍ରଧାନ, ଗ୍ରା- ନିଜଗଡ଼
	ଶାନ୍ତିଗିରିବାଲ	୧୫୬୮	ବେସରକାରୀ	ବାଡ଼େ ଫସଲ-୧	୦.୨୦୦	ଗ୍ରା- କୃଷ୍ଣିକେଶ ପ୍ରଧାନ, ଗ୍ରା- ନିଜଗଡ଼
	ଶାନ୍ତିଗିରିବାଲ	୧୫୬୫	ବେସରକାରୀ	ବାଡ଼େ ଫସଲ-୧	୦.୦୫୦	ଦୁଷ୍ୟବାନ ପ୍ରଧାନ, ପି- ମେଘେନ୍ଦ୍ର ପ୍ରଧାନ, କାଳଦର ପ୍ରଧାନ, ପାରା ପ୍ରଧାନ, ସୁଦର୍ଶନ ପ୍ରଧାନ, ପି- କୃଷ୍ଣିକେଶ ପ୍ରଧାନ, ନିଜଗଡ଼ ସାମଲ, ପି- ପ୍ରଧାନ ପ୍ରଧାନ, ସାମୁ ପ୍ରଧାନ, ଶଙ୍କର ପ୍ରଧାନ, ଉଦ୍ଧର ପ୍ରଧାନ, ଚର୍ଯ୍ୟି ପ୍ରଧାନ, ପି- ଲୋକନାଥ ପ୍ରଧାନ, ସୁଧାକର ପ୍ରଧାନ, କେଦାର ପ୍ରଧାନ, ଶ୍ରୀବାସ ପ୍ରଧାନ, ପି- ବିଶ୍ୱମ୍ଭର ପ୍ରଧାନ, ଗ୍ରା- ଶାନ୍ତିଗିରିବାଲ
	ଶାନ୍ତିଗିରିବାଲ	୧୫୬୯	ବେସରକାରୀ	ବାଡ଼େ ଫସଲ-୧	୦.୧୫୦	ଲୋକନାଥ ପ୍ରଧାନ, ପି- ଚରଣ ପ୍ରଧାନ, କାଳିନ୍ଦ ପ୍ରଧାନ, ଲକ୍ଷ୍ମୀ ପ୍ରଧାନ, ପି- ଚୈତନ୍ୟ ପ୍ରଧାନ, ସାମୁ ପ୍ରଧାନ, ପି- ଶ୍ରୀହରି ପ୍ରଧାନ, ଗ୍ରା- ନିଜଗଡ଼
	ଶାନ୍ତିଗିରିବାଲ	୧୫୫୮	ବେସରକାରୀ	ବାଡ଼େ ଫସଲ-୧	୦.୧୫୦	ପ୍ରଶାନ୍ତ ନାୟକ, ସୁଧାଶନ୍ତୁ ନାୟକ, ପି- ମହାନିଧି ନାୟକ, ଗ୍ରା-
	ଶାନ୍ତିଗିରିବାଲ	୧୫୫୭	ବେସରକାରୀ	ବାଡ଼େ ଫସଲ-୧	୦.୧୫୦	ଉଗ୍ରସେନ ନାୟକ, ପି- ଶ୍ରୀଚାଦ ନାୟକ, ଗ୍ରା- ନିଜଗଡ଼
	ଶାନ୍ତିଗିରିବାଲ	୧୫୦୦	ବେସରକାରୀ	ବାଡ଼େ ଫସଲ-୧	୦.୧୬୦	ନାଗରଂ, ପି- ବାଗ୍ମର ନାୟକ, ଜଗନ୍ନାଥ ନାୟକ, ଗୋପାଳ ନାୟକ, ପି- ଶ୍ରୀଚାଦ ନାୟକ, ଗ୍ରା- ନିଜଗଡ଼
	ଶାନ୍ତିଗିରିବାଲ	୧୫୦୨	ବେସରକାରୀ	ବାଡ଼େ ଫସଲ-୧	୦.୦୫୦	ପଦ୍ମଲୋଚନ ନାୟକ, କୃଷ୍ଣିକେଶ ନାୟକ, ପି- କୃଷ୍ଣ ନାରାୟଣ ନାୟକ, ରାଧାନାଥ ନାୟକ, ଉଦ୍ଧବ ନାୟକ, ବନମାଳୀ ନାୟକ, ପି- ଗୋବିନ୍ଦ ନାୟକ, ଗ୍ରା- ନିଜଗଡ଼
	ଶାନ୍ତିଗିରିବାଲ	୧୫୦୩	ବେସରକାରୀ	ସାରଦ-୧	୦.୦୩୦	ବାନାମାଳ ଉଦ୍ଗାତା, ପି- ଦେବିଲାଲ ପ୍ରଧାନ, ଗ୍ରା- ନିଜଗଡ଼
	ଶାନ୍ତିଗିରିବାଲ	୧୫୦୪	ବେସରକାରୀ	ସାରଦ-୧	୦.୦୫୦	ବାନାମାଳ ଉଦ୍ଗାତା, ପି- ଦେବିଲାଲ ପ୍ରଧାନ, ଗ୍ରା- ନିଜଗଡ଼
	ଶାନ୍ତିଗିରିବାଲ	୧୫୦୫	ବେସରକାରୀ	ପାଣି ଗାତ	୦.୦୭୦	ବାନାମାଳ ଉଦ୍ଗାତା, ପି- ଦେବିଲାଲ ପ୍ରଧାନ, ଗ୍ରା- ନିଜଗଡ଼
(See Page-7)
